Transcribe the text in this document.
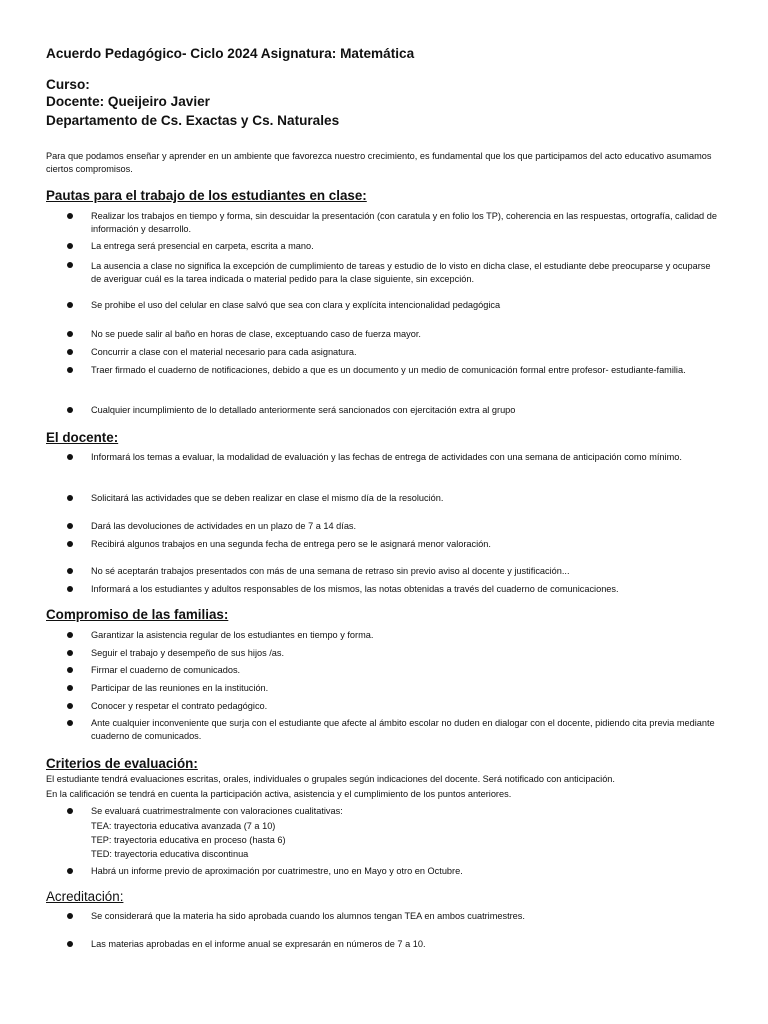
Acuerdo Pedagógico- Ciclo 2024 Asignatura: Matemática
Curso:
Docente: Queijeiro Javier
Departamento de Cs. Exactas y Cs. Naturales
Para que podamos enseñar y aprender en un ambiente que favorezca nuestro crecimiento, es fundamental que los que participamos del acto educativo asumamos ciertos compromisos.
Pautas para el trabajo de los estudiantes en clase:
Realizar los trabajos en tiempo y forma, sin descuidar la presentación (con caratula y en folio los TP), coherencia en las respuestas, ortografía, calidad de información y desarrollo.
La entrega será presencial en carpeta, escrita a mano.
La ausencia a clase no significa la excepción de cumplimiento de tareas y estudio de lo visto en dicha clase, el estudiante debe preocuparse y ocuparse de averiguar cuál es la tarea indicada o material pedido para la clase siguiente, sin excepción.
Se prohibe el uso del celular en clase salvó que sea con clara y explícita intencionalidad pedagógica
No se puede salir al baño en horas de clase, exceptuando caso de fuerza mayor.
Concurrir a clase con el material necesario para cada asignatura.
Traer firmado el cuaderno de notificaciones, debido a que es un documento y un medio de comunicación formal entre profesor- estudiante-familia.
Cualquier incumplimiento de lo detallado anteriormente será sancionados con ejercitación extra al grupo
El docente:
Informará los temas a evaluar, la modalidad de evaluación y las fechas de entrega de actividades con una semana de anticipación como mínimo.
Solicitará las actividades que se deben realizar en clase el mismo día de la resolución.
Dará las devoluciones de actividades en un plazo de 7 a 14 días.
Recibirá algunos trabajos en una segunda fecha de entrega pero se le asignará menor valoración.
No sé aceptarán trabajos presentados con más de una semana de retraso sin previo aviso al docente y justificación...
Informará a los estudiantes y adultos responsables de los mismos, las notas obtenidas a través del cuaderno de comunicaciones.
Compromiso de las familias:
Garantizar la asistencia regular de los estudiantes en tiempo y forma.
Seguir el trabajo y desempeño de sus hijos /as.
Firmar el cuaderno de comunicados.
Participar de las reuniones en la institución.
Conocer y respetar el contrato pedagógico.
Ante cualquier inconveniente que surja con el estudiante que afecte al ámbito escolar no duden en dialogar con el docente, pidiendo cita previa mediante cuaderno de comunicados.
Criterios de evaluación:
El estudiante tendrá evaluaciones escritas, orales, individuales o grupales según indicaciones del docente. Será notificado con anticipación.
En la calificación se tendrá en cuenta la participación activa, asistencia y el cumplimiento de los puntos anteriores.
Se evaluará cuatrimestralmente con valoraciones cualitativas:
TEA: trayectoria educativa avanzada (7 a 10)
TEP: trayectoria educativa en proceso (hasta 6)
TED: trayectoria educativa discontinua
Habrá un informe previo de aproximación por cuatrimestre, uno en Mayo y otro en Octubre.
Acreditación:
Se considerará que la materia ha sido aprobada cuando los alumnos tengan TEA en ambos cuatrimestres.
Las materias aprobadas en el informe anual se expresarán en números de 7 a 10.
